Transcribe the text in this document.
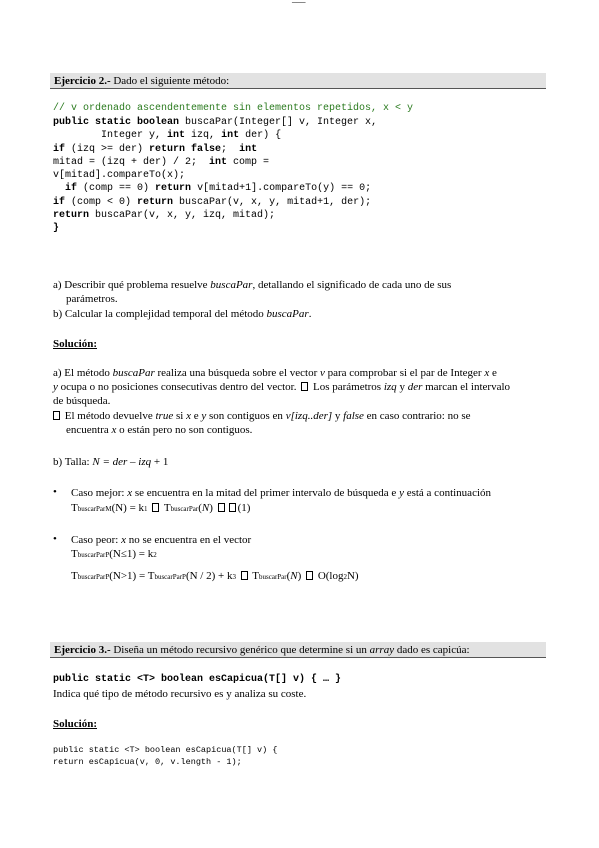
Ejercicio 2.- Dado el siguiente método:
// v ordenado ascendentemente sin elementos repetidos, x < y
public static boolean buscaPar(Integer[] v, Integer x,
Integer y, int izq, int der) {
if (izq >= der) return false;  int
mitad = (izq + der) / 2;  int comp =
v[mitad].compareTo(x);
if (comp == 0) return v[mitad+1].compareTo(y) == 0;
if (comp < 0) return buscaPar(v, x, y, mitad+1, der);
return buscaPar(v, x, y, izq, mitad);
}
a) Describir qué problema resuelve buscaPar, detallando el significado de cada uno de sus
parámetros.
b) Calcular la complejidad temporal del método buscaPar.
Solución:
a) El método buscaPar realiza una búsqueda sobre el vector v para comprobar si el par de Integer x e
y ocupa o no posiciones consecutivas dentro del vector.  Los parámetros izq y der marcan el intervalo
de búsqueda.
El método devuelve true si x e y son contiguos en v[izq..der] y false en caso contrario: no se
encuentra x o están pero no son contiguos.
b) Talla: N = der – izq + 1
• Caso mejor: x se encuentra en la mitad del primer intervalo de búsqueda e y está a continuación
TbuscarParM(N) = k1 TbuscarPar(N) (1)
• Caso peor: x no se encuentra en el vector
TbuscarParP(N≤1) = k2
TbuscarParP(N>1) = TbuscarParP(N / 2) + k3 TbuscarPar(N)  O(log2N)
Ejercicio 3.- Diseña un método recursivo genérico que determine si un array dado es capicúa:
public static <T> boolean esCapicua(T[] v) { … }
Indica qué tipo de método recursivo es y analiza su coste.
Solución:
public static <T> boolean esCapicua(T[] v) {
return esCapicua(v, 0, v.length - 1);
